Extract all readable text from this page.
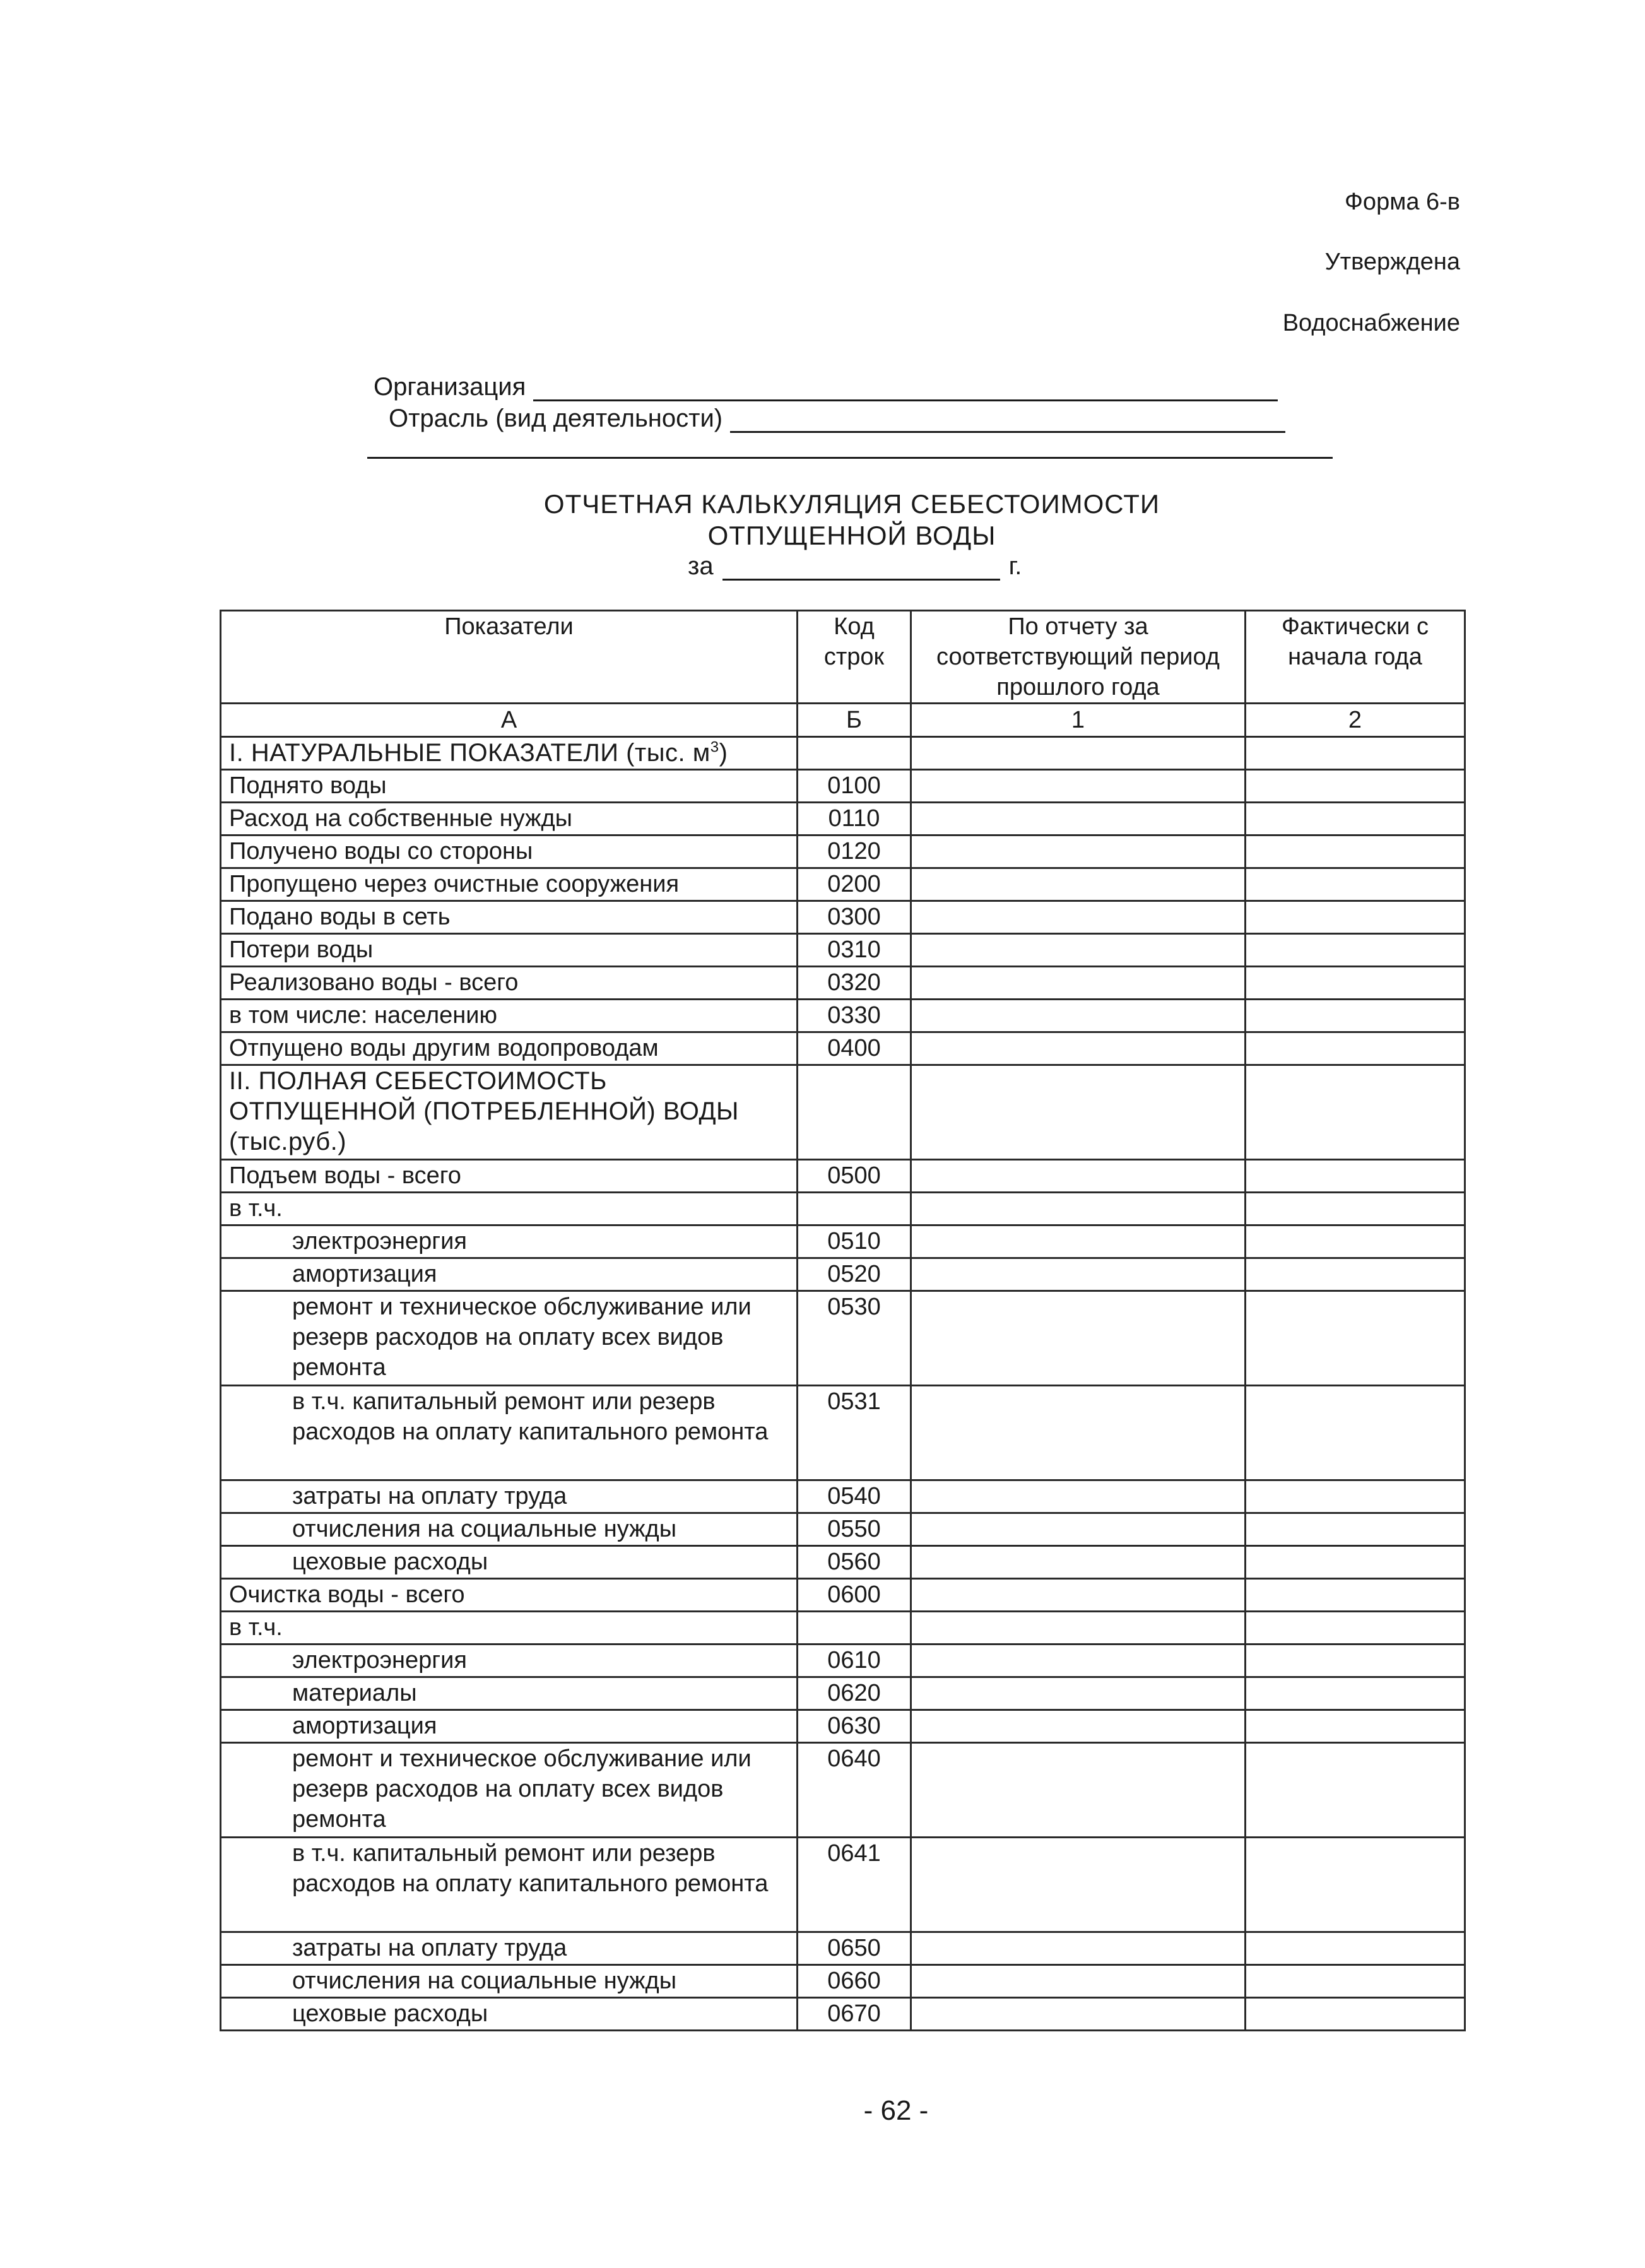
Форма 6-в
Утверждена
Водоснабжение
Организация
Отрасль (вид деятельности)
ОТЧЕТНАЯ КАЛЬКУЛЯЦИЯ СЕБЕСТОИМОСТИ
ОТПУЩЕННОЙ ВОДЫ
за	г.
Показатели	Код строк	По отчету за соответствующий период прошлого года	Фактически с начала года
А	Б	1	2
I. НАТУРАЛЬНЫЕ ПОКАЗАТЕЛИ (тыс. $м^3$)			
Поднято воды	0100		
Расход на собственные нужды	0110		
Получено воды со стороны	0120		
Пропущено через очистные сооружения	0200		
Подано воды в сеть	0300		
Потери воды	0310		
Реализовано воды - всего	0320		
в том числе: населению	0330		
Отпущено воды другим водопроводам	0400		
II. ПОЛНАЯ СЕБЕСТОИМОСТЬ ОТПУЩЕННОЙ (ПОТРЕБЛЕННОЙ) ВОДЫ (тыс.руб.)			
Подъем воды - всего	0500		
в т.ч.			
электроэнергия	0510		
амортизация	0520		
ремонт и техническое обслуживание или резерв расходов на оплату всех видов ремонта	0530		
в т.ч. капитальный ремонт или резерв расходов на оплату капитального ремонта	0531		
затраты на оплату труда	0540		
отчисления на социальные нужды	0550		
цеховые расходы	0560		
Очистка воды - всего	0600		
в т.ч.			
электроэнергия	0610		
материалы	0620		
амортизация	0630		
ремонт и техническое обслуживание или резерв расходов на оплату всех видов ремонта	0640		
в т.ч. капитальный ремонт или резерв расходов на оплату капитального ремонта	0641		
затраты на оплату труда	0650		
отчисления на социальные нужды	0660		
цеховые расходы	0670		
- 62 -
